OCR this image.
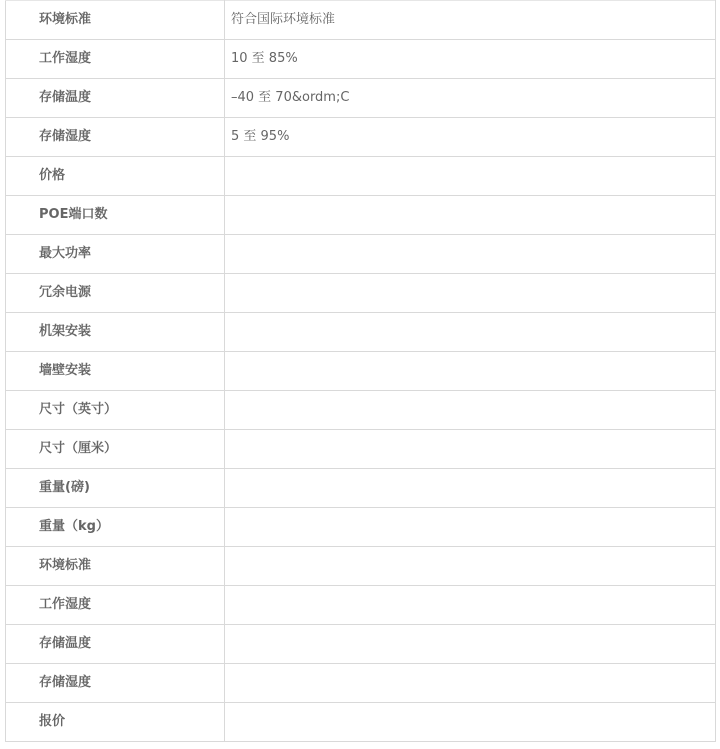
环境标准	符合国际环境标准
工作湿度	10 至 85%
存储温度	–40 至 70&ordm;C
存储湿度	5 至 95%
价格	
POE端口数	
最大功率	
冗余电源	
机架安装	
墙壁安装	
尺寸（英寸）	
尺寸（厘米）	
重量(磅)	
重量（kg）	
环境标准	
工作湿度	
存储温度	
存储湿度	
报价	
